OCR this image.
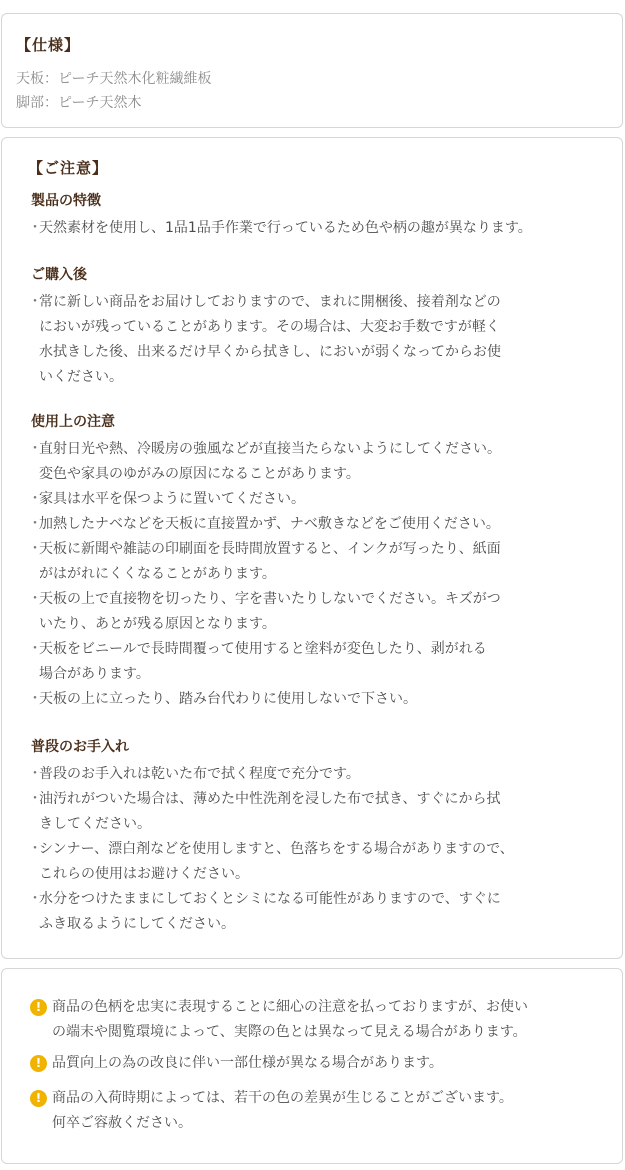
【仕様】
天板：ピーチ天然木化粧繊維板
脚部：ピーチ天然木
【ご注意】
製品の特徴
・
天然素材を使用し、1品1品手作業で行っているため色や柄の趣が異なります。
ご購入後
・
常に新しい商品をお届けしておりますので、まれに開梱後、接着剤などの
においが残っていることがあります。その場合は、大変お手数ですが軽く
水拭きした後、出来るだけ早くから拭きし、においが弱くなってからお使
いください。
使用上の注意
・
直射日光や熱、冷暖房の強風などが直接当たらないようにしてください。
変色や家具のゆがみの原因になることがあります。
・
家具は水平を保つように置いてください。
・
加熱したナベなどを天板に直接置かず、ナベ敷きなどをご使用ください。
・
天板に新聞や雑誌の印刷面を長時間放置すると、インクが写ったり、紙面
がはがれにくくなることがあります。
・
天板の上で直接物を切ったり、字を書いたりしないでください。キズがつ
いたり、あとが残る原因となります。
・
天板をビニールで長時間覆って使用すると塗料が変色したり、剥がれる
場合があります。
・
天板の上に立ったり、踏み台代わりに使用しないで下さい。
普段のお手入れ
・
普段のお手入れは乾いた布で拭く程度で充分です。
・
油汚れがついた場合は、薄めた中性洗剤を浸した布で拭き、すぐにから拭
きしてください。
・
シンナー、漂白剤などを使用しますと、色落ちをする場合がありますので、
これらの使用はお避けください。
・
水分をつけたままにしておくとシミになる可能性がありますので、すぐに
ふき取るようにしてください。
! 商品の色柄を忠実に表現することに細心の注意を払っておりますが、お使い
の端末や閲覧環境によって、実際の色とは異なって見える場合があります。
! 品質向上の為の改良に伴い一部仕様が異なる場合があります。
! 商品の入荷時期によっては、若干の色の差異が生じることがございます。
何卒ご容赦ください。
